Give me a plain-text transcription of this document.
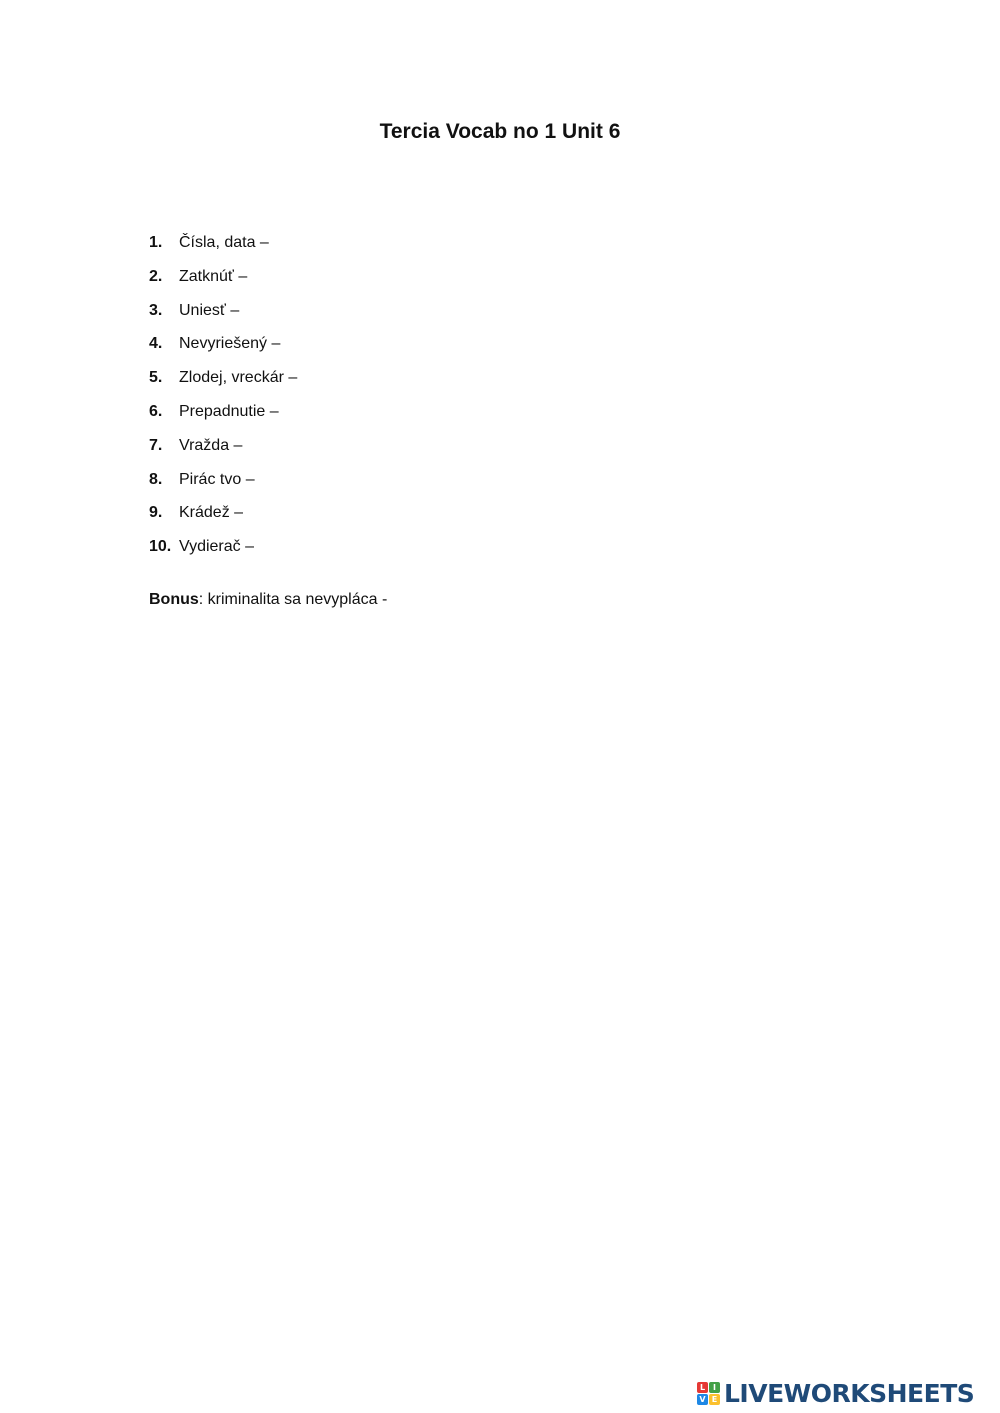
Tercia Vocab no 1 Unit 6
1. Čísla, data –
2. Zatknúť –
3. Uniesť –
4. Nevyriešený –
5. Zlodej, vreckár –
6. Prepadnutie –
7. Vražda –
8. Pirác tvo –
9. Krádež –
10. Vydierač –
Bonus: kriminalita sa nevypláca -
L I
V E LIVEWORKSHEETS
